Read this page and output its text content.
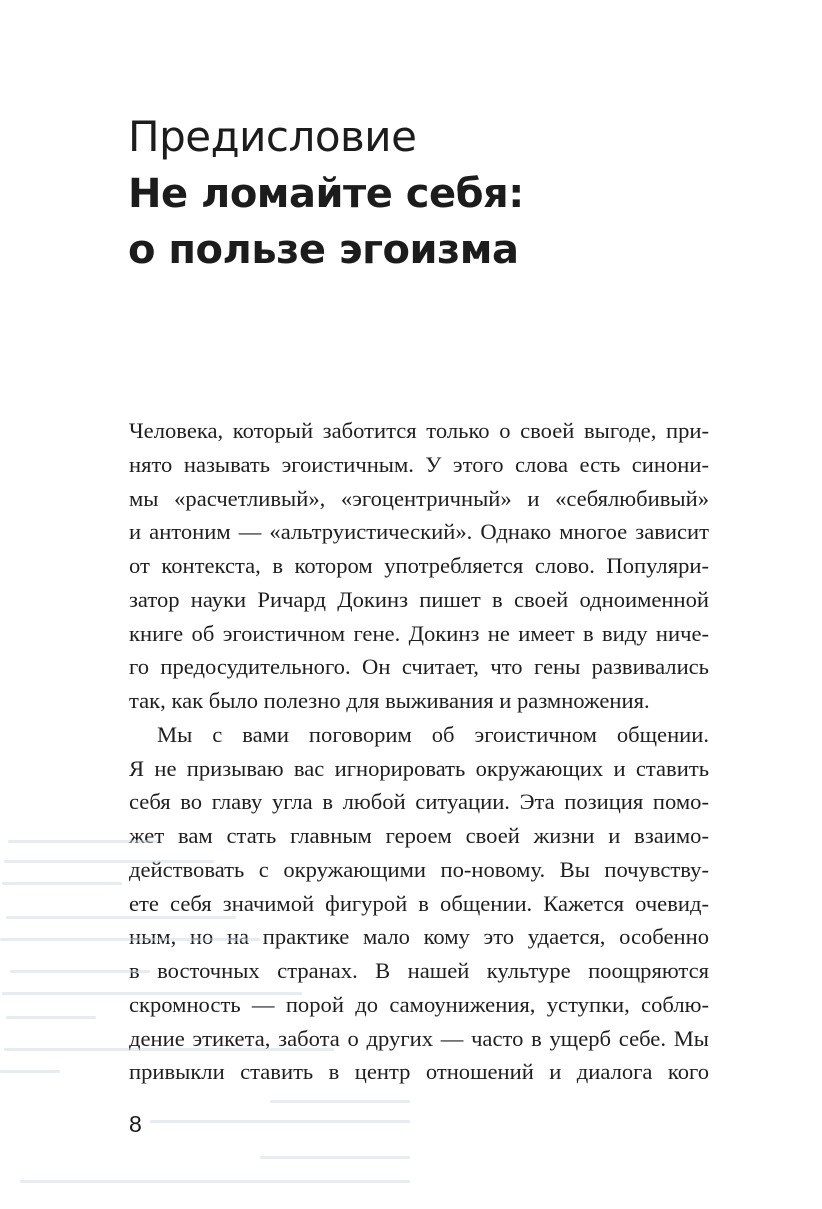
Предисловие
Не ломайте себя:
о пользе эгоизма
Человека, который заботится только о своей выгоде, при-
нято называть эгоистичным. У этого слова есть синони-
мы «расчетливый», «эгоцентричный» и «себялюбивый»
и антоним — «альтруистический». Однако многое зависит
от контекста, в котором употребляется слово. Популяри-
затор науки Ричард Докинз пишет в своей одноименной
книге об эгоистичном гене. Докинз не имеет в виду ниче-
го предосудительного. Он считает, что гены развивались
так, как было полезно для выживания и размножения.
Мы с вами поговорим об эгоистичном общении.
Я не призываю вас игнорировать окружающих и ставить
себя во главу угла в любой ситуации. Эта позиция помо-
жет вам стать главным героем своей жизни и взаимо-
действовать с окружающими по-новому. Вы почувству-
ете себя значимой фигурой в общении. Кажется очевид-
ным, но на практике мало кому это удается, особенно
в восточных странах. В нашей культуре поощряются
скромность — порой до самоунижения, уступки, соблю-
дение этикета, забота о других — часто в ущерб себе. Мы
привыкли ставить в центр отношений и диалога кого
8
